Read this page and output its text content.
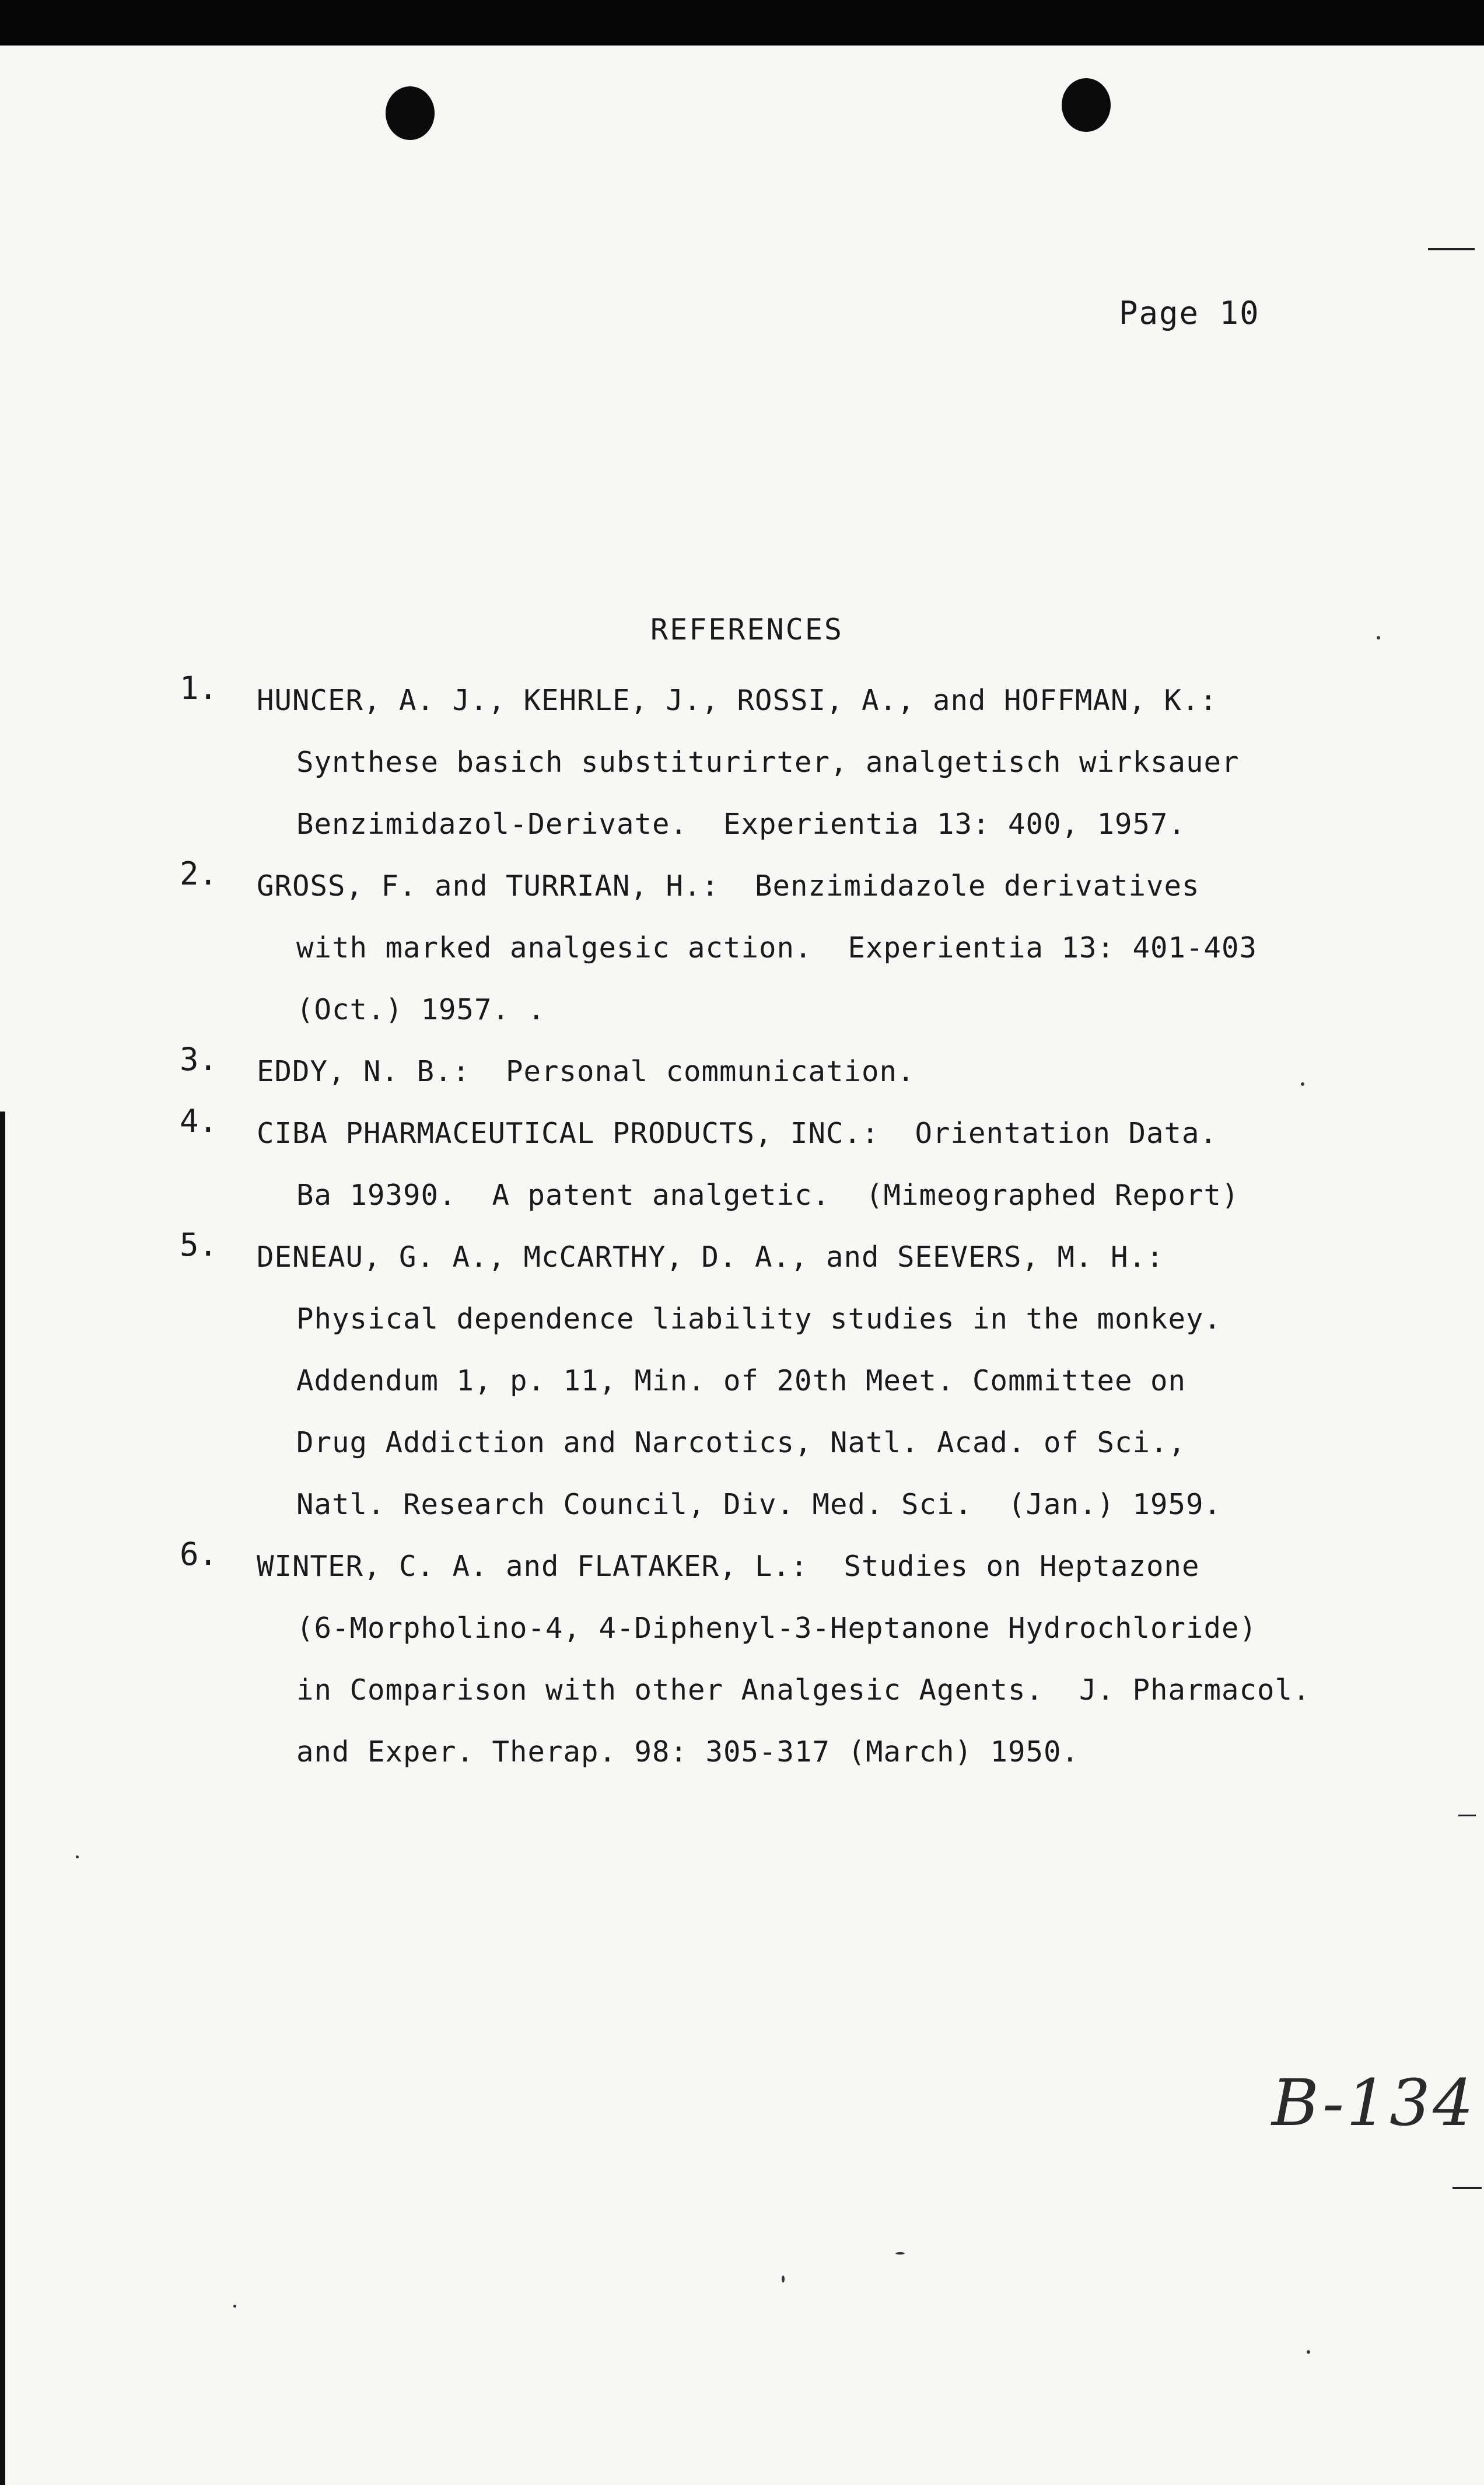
Page 10
REFERENCES
1.	HUNCER, A. J., KEHRLE, J., ROSSI, A., and HOFFMAN, K.:
Synthese basich substiturirter, analgetisch wirksauer
Benzimidazol-Derivate.  Experientia 13: 400, 1957.
2.	GROSS, F. and TURRIAN, H.:  Benzimidazole derivatives
with marked analgesic action.  Experientia 13: 401-403
(Oct.) 1957. .
3.	EDDY, N. B.:  Personal communication.
4.	CIBA PHARMACEUTICAL PRODUCTS, INC.:  Orientation Data.
Ba 19390.  A patent analgetic.  (Mimeographed Report)
5.	DENEAU, G. A., McCARTHY, D. A., and SEEVERS, M. H.:
Physical dependence liability studies in the monkey.
Addendum 1, p. 11, Min. of 20th Meet. Committee on
Drug Addiction and Narcotics, Natl. Acad. of Sci.,
Natl. Research Council, Div. Med. Sci.  (Jan.) 1959.
6.	WINTER, C. A. and FLATAKER, L.:  Studies on Heptazone
(6-Morpholino-4, 4-Diphenyl-3-Heptanone Hydrochloride)
in Comparison with other Analgesic Agents.  J. Pharmacol.
and Exper. Therap. 98: 305-317 (March) 1950.
B-134
